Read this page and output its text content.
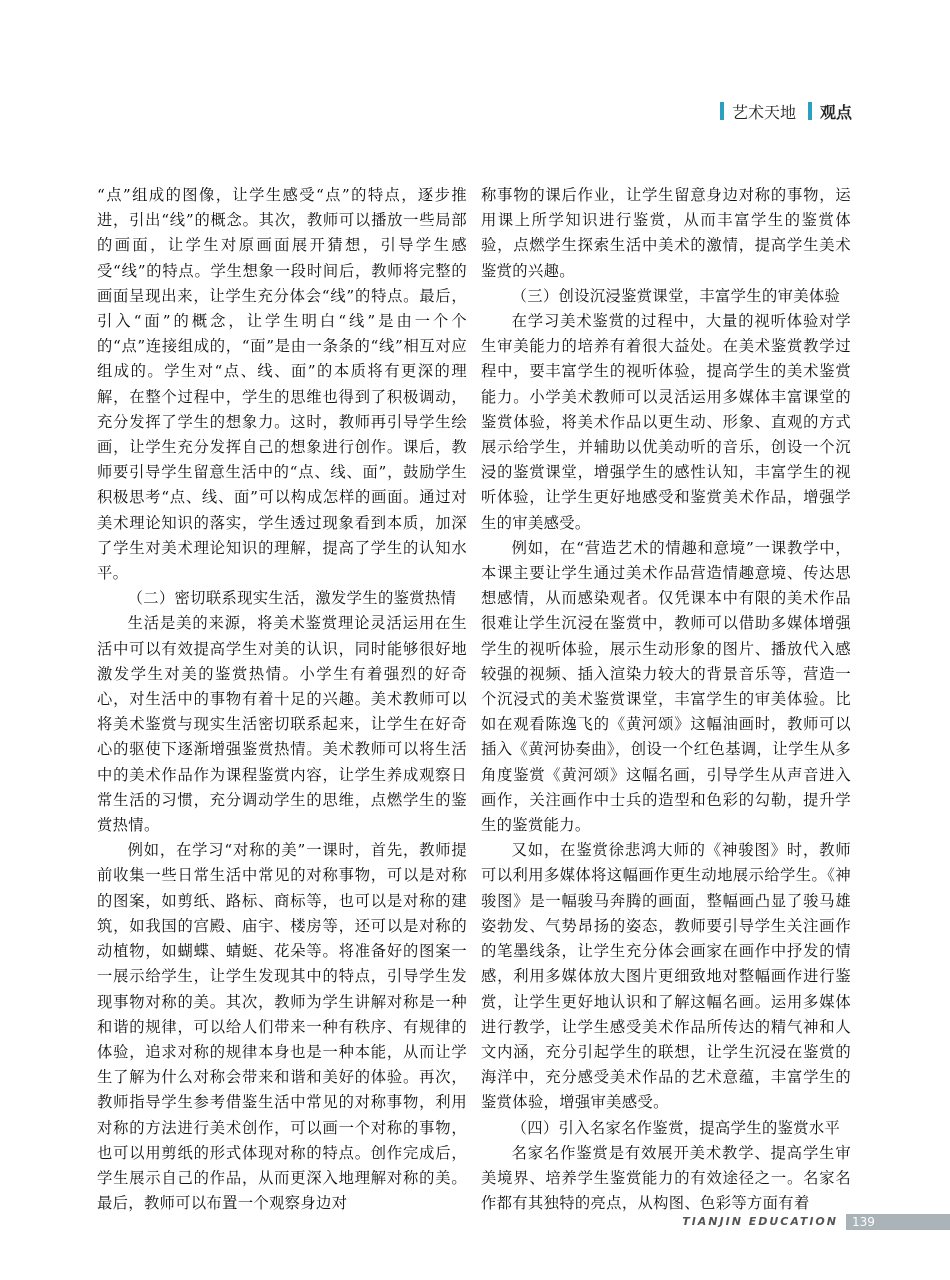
艺术天地 观点

“点”组成的图像，让学生感受“点”的特点，逐步推进，引出“线”的概念。其次，教师可以播放一些局部的画面，让学生对原画面展开猜想，引导学生感受“线”的特点。学生想象一段时间后，教师将完整的画面呈现出来，让学生充分体会“线”的特点。最后，引入“面”的概念，让学生明白“线”是由一个个的“点”连接组成的，“面”是由一条条的“线”相互对应组成的。学生对“点、线、面”的本质将有更深的理解，在整个过程中，学生的思维也得到了积极调动，充分发挥了学生的想象力。这时，教师再引导学生绘画，让学生充分发挥自己的想象进行创作。课后，教师要引导学生留意生活中的“点、线、面”，鼓励学生积极思考“点、线、面”可以构成怎样的画面。通过对美术理论知识的落实，学生透过现象看到本质，加深了学生对美术理论知识的理解，提高了学生的认知水平。

（二）密切联系现实生活，激发学生的鉴赏热情

生活是美的来源，将美术鉴赏理论灵活运用在生活中可以有效提高学生对美的认识，同时能够很好地激发学生对美的鉴赏热情。小学生有着强烈的好奇心，对生活中的事物有着十足的兴趣。美术教师可以将美术鉴赏与现实生活密切联系起来，让学生在好奇心的驱使下逐渐增强鉴赏热情。美术教师可以将生活中的美术作品作为课程鉴赏内容，让学生养成观察日常生活的习惯，充分调动学生的思维，点燃学生的鉴赏热情。

例如，在学习“对称的美”一课时，首先，教师提前收集一些日常生活中常见的对称事物，可以是对称的图案，如剪纸、路标、商标等，也可以是对称的建筑，如我国的宫殿、庙宇、楼房等，还可以是对称的动植物，如蝴蝶、蜻蜓、花朵等。将准备好的图案一一展示给学生，让学生发现其中的特点，引导学生发现事物对称的美。其次，教师为学生讲解对称是一种和谐的规律，可以给人们带来一种有秩序、有规律的体验，追求对称的规律本身也是一种本能，从而让学生了解为什么对称会带来和谐和美好的体验。再次，教师指导学生参考借鉴生活中常见的对称事物，利用对称的方法进行美术创作，可以画一个对称的事物，也可以用剪纸的形式体现对称的特点。创作完成后，学生展示自己的作品，从而更深入地理解对称的美。最后，教师可以布置一个观察身边对

称事物的课后作业，让学生留意身边对称的事物，运用课上所学知识进行鉴赏，从而丰富学生的鉴赏体验，点燃学生探索生活中美术的激情，提高学生美术鉴赏的兴趣。

（三）创设沉浸鉴赏课堂，丰富学生的审美体验

在学习美术鉴赏的过程中，大量的视听体验对学生审美能力的培养有着很大益处。在美术鉴赏教学过程中，要丰富学生的视听体验，提高学生的美术鉴赏能力。小学美术教师可以灵活运用多媒体丰富课堂的鉴赏体验，将美术作品以更生动、形象、直观的方式展示给学生，并辅助以优美动听的音乐，创设一个沉浸的鉴赏课堂，增强学生的感性认知，丰富学生的视听体验，让学生更好地感受和鉴赏美术作品，增强学生的审美感受。

例如，在“营造艺术的情趣和意境”一课教学中，本课主要让学生通过美术作品营造情趣意境、传达思想感情，从而感染观者。仅凭课本中有限的美术作品很难让学生沉浸在鉴赏中，教师可以借助多媒体增强学生的视听体验，展示生动形象的图片、播放代入感较强的视频、插入渲染力较大的背景音乐等，营造一个沉浸式的美术鉴赏课堂，丰富学生的审美体验。比如在观看陈逸飞的《黄河颂》这幅油画时，教师可以插入《黄河协奏曲》，创设一个红色基调，让学生从多角度鉴赏《黄河颂》这幅名画，引导学生从声音进入画作，关注画作中士兵的造型和色彩的勾勒，提升学生的鉴赏能力。

又如，在鉴赏徐悲鸿大师的《神骏图》时，教师可以利用多媒体将这幅画作更生动地展示给学生。《神骏图》是一幅骏马奔腾的画面，整幅画凸显了骏马雄姿勃发、气势昂扬的姿态，教师要引导学生关注画作的笔墨线条，让学生充分体会画家在画作中抒发的情感，利用多媒体放大图片更细致地对整幅画作进行鉴赏，让学生更好地认识和了解这幅名画。运用多媒体进行教学，让学生感受美术作品所传达的精气神和人文内涵，充分引起学生的联想，让学生沉浸在鉴赏的海洋中，充分感受美术作品的艺术意蕴，丰富学生的鉴赏体验，增强审美感受。

（四）引入名家名作鉴赏，提高学生的鉴赏水平

名家名作鉴赏是有效展开美术教学、提高学生审美境界、培养学生鉴赏能力的有效途径之一。名家名作都有其独特的亮点，从构图、色彩等方面有着

TIANJIN EDUCATION 139
